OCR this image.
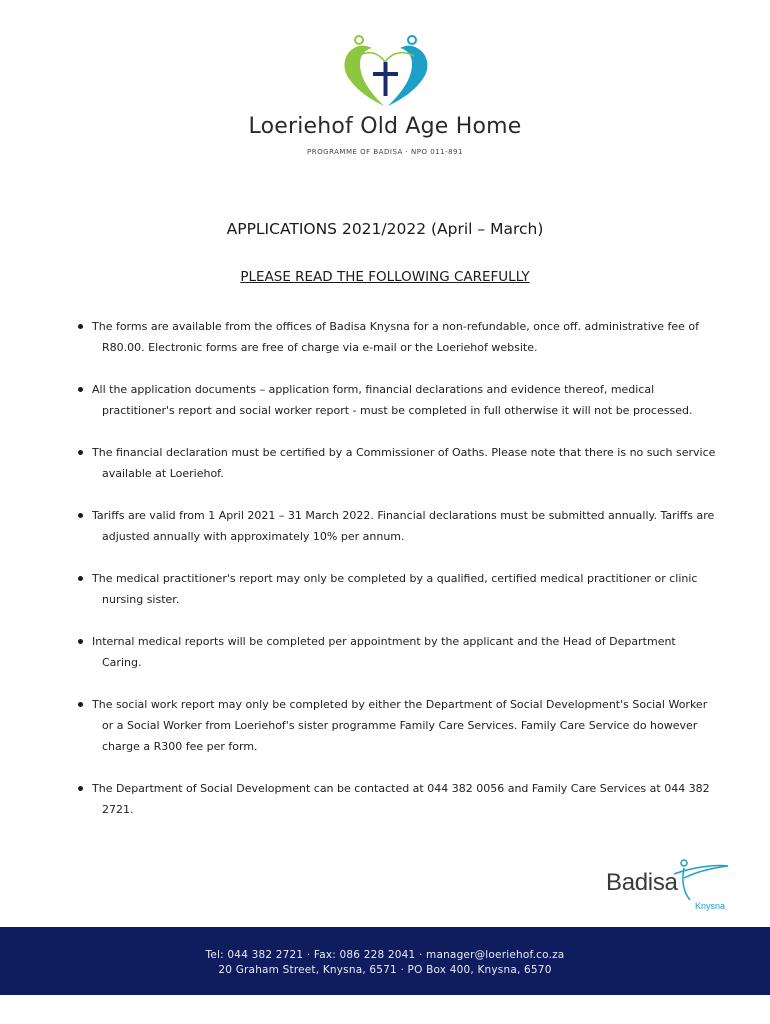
Loeriehof Old Age Home
PROGRAMME OF BADISA · NPO 011-891
APPLICATIONS 2021/2022 (April – March)
PLEASE READ THE FOLLOWING CAREFULLY
The forms are available from the offices of Badisa Knysna for a non-refundable, once off. administrative fee of R80.00. Electronic forms are free of charge via e-mail or the Loeriehof website.
All the application documents – application form, financial declarations and evidence thereof, medical practitioner's report and social worker report - must be completed in full otherwise it will not be processed.
The financial declaration must be certified by a Commissioner of Oaths. Please note that there is no such service available at Loeriehof.
Tariffs are valid from 1 April 2021 – 31 March 2022. Financial declarations must be submitted annually. Tariffs are adjusted annually with approximately 10% per annum.
The medical practitioner's report may only be completed by a qualified, certified medical practitioner or clinic nursing sister.
Internal medical reports will be completed per appointment by the applicant and the Head of Department Caring.
The social work report may only be completed by either the Department of Social Development's Social Worker or a Social Worker from Loeriehof's sister programme Family Care Services. Family Care Service do however charge a R300 fee per form.
The Department of Social Development can be contacted at 044 382 0056 and Family Care Services at 044 382 2721.
Badisa
Knysna
Tel: 044 382 2721 · Fax: 086 228 2041 · manager@loeriehof.co.za
20 Graham Street, Knysna, 6571 · PO Box 400, Knysna, 6570
